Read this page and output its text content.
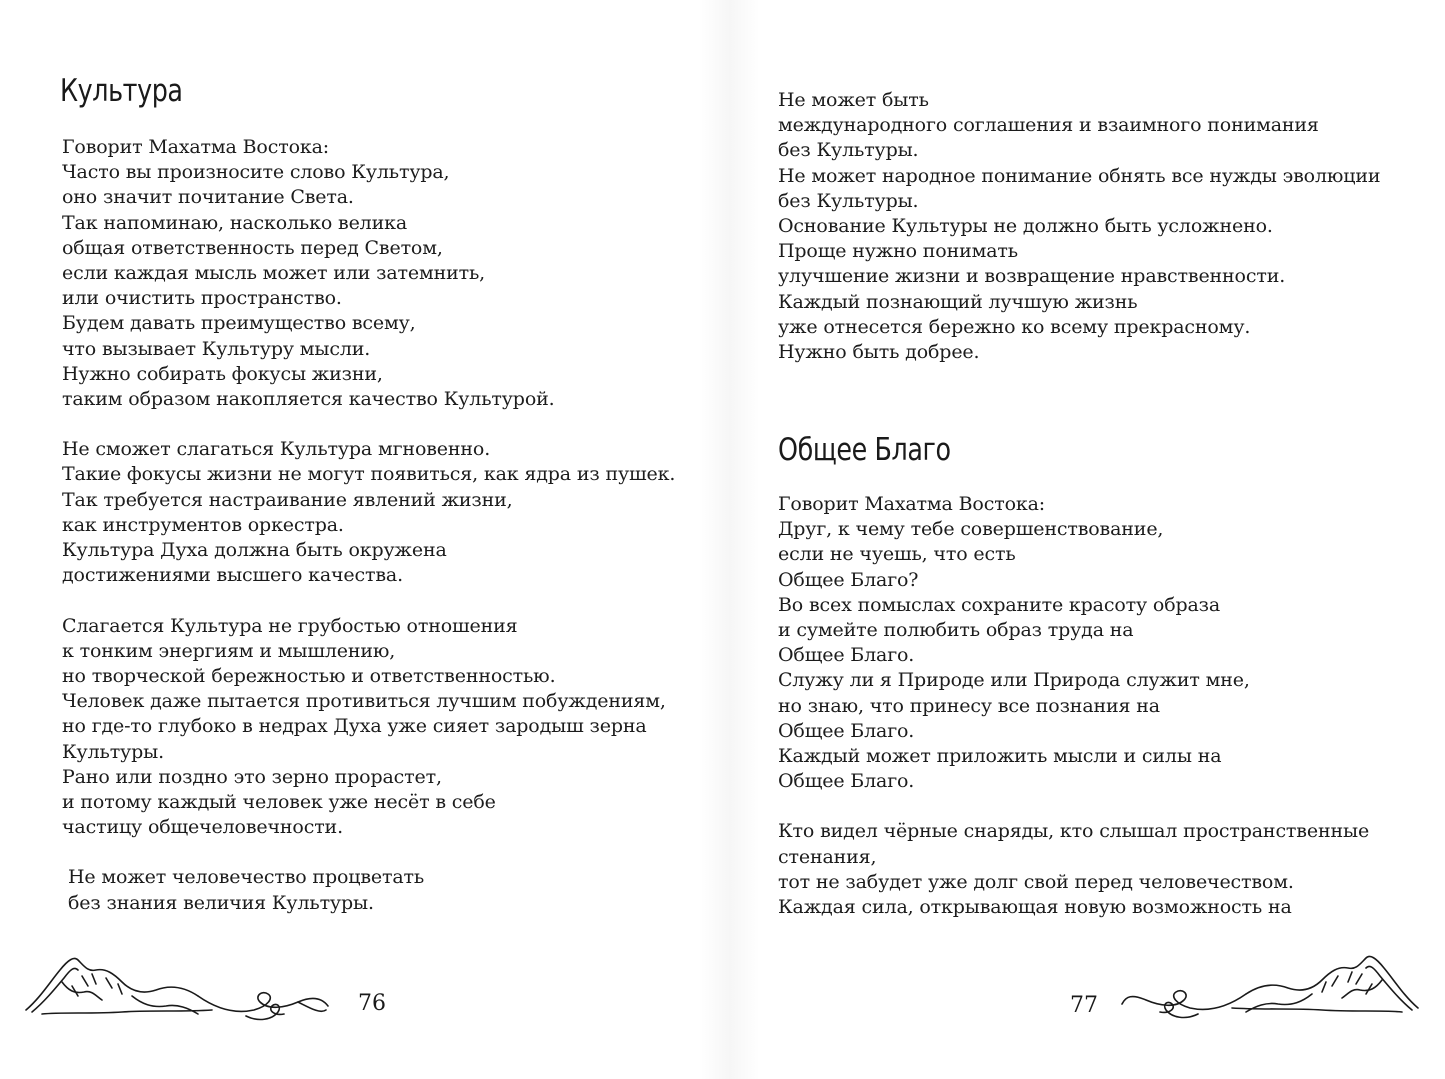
Культура
Говорит Махатма Востока:
Часто вы произносите слово Культура,
оно значит почитание Света.
Так напоминаю, насколько велика
общая ответственность перед Светом,
если каждая мысль может или затемнить,
или очистить пространство.
Будем давать преимущество всему,
что вызывает Культуру мысли.
Нужно собирать фокусы жизни,
таким образом накопляется качество Культурой.
Не сможет слагаться Культура мгновенно.
Такие фокусы жизни не могут появиться, как ядра из пушек.
Так требуется настраивание явлений жизни,
как инструментов оркестра.
Культура Духа должна быть окружена
достижениями высшего качества.
Слагается Культура не грубостью отношения
к тонким энергиям и мышлению,
но творческой бережностью и ответственностью.
Человек даже пытается противиться лучшим побуждениям,
но где-то глубоко в недрах Духа уже сияет зародыш зерна
Культуры.
Рано или поздно это зерно прорастет,
и потому каждый человек уже несёт в себе
частицу общечеловечности.
Не может человечество процветать
без знания величия Культуры.
76
Не может быть
международного соглашения и взаимного понимания
без Культуры.
Не может народное понимание обнять все нужды эволюции
без Культуры.
Основание Культуры не должно быть усложнено.
Проще нужно понимать
улучшение жизни и возвращение нравственности.
Каждый познающий лучшую жизнь
уже отнесется бережно ко всему прекрасному.
Нужно быть добрее.
Общее Благо
Говорит Махатма Востока:
Друг, к чему тебе совершенствование,
если не чуешь, что есть
Общее Благо?
Во всех помыслах сохраните красоту образа
и сумейте полюбить образ труда на
Общее Благо.
Служу ли я Природе или Природа служит мне,
но знаю, что принесу все познания на
Общее Благо.
Каждый может приложить мысли и силы на
Общее Благо.
Кто видел чёрные снаряды, кто слышал пространственные
стенания,
тот не забудет уже долг свой перед человечеством.
Каждая сила, открывающая новую возможность на
77
